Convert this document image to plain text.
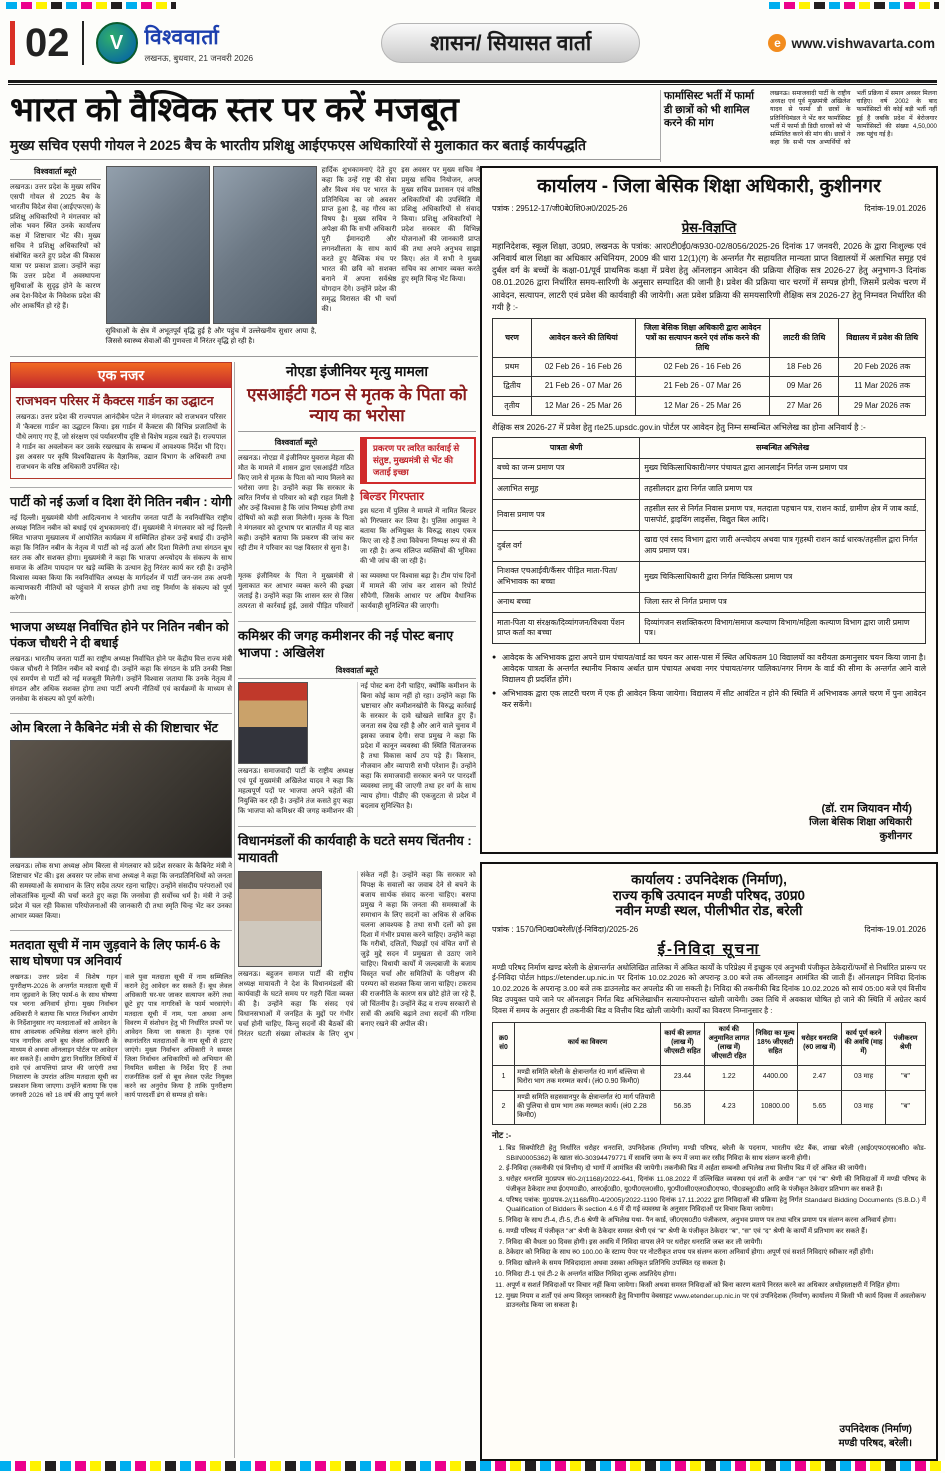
02	V विश्ववार्ता
लखनऊ, बुधवार, 21 जनवरी 2026
शासन/ सियासत वार्ता	e www.vishwavarta.com
भारत को वैश्विक स्तर पर करें मजबूत
मुख्य सचिव एसपी गोयल ने 2025 बैच के भारतीय प्रशिक्षु आईएफएस अधिकारियों से मुलाकात कर बताई कार्यपद्धति
विश्ववार्ता ब्यूरो

लखनऊ। उत्तर प्रदेश के मुख्य सचिव एसपी गोयल से 2025 बैच के भारतीय विदेश सेवा (आईएफएस) के प्रशिक्षु अधिकारियों ने मंगलवार को लोक भवन स्थित उनके कार्यालय कक्ष में शिष्टाचार भेंट की। मुख्य सचिव ने प्रशिक्षु अधिकारियों को संबोधित करते हुए प्रदेश की विकास यात्रा पर प्रकाश डाला। उन्होंने कहा कि उत्तर प्रदेश में अवस्थापना सुविधाओं के सुदृढ़ होने के कारण अब देश-विदेश के निवेशक प्रदेश की ओर आकर्षित हो रहे हैं।

सुविधाओं के क्षेत्र में अभूतपूर्व वृद्धि हुई है और पहुंच में उल्लेखनीय सुधार आया है, जिससे स्वास्थ्य सेवाओं की गुणवत्ता में निरंतर वृद्धि हो रही है।

हार्दिक शुभकामनाएं देते हुए कहा कि उन्हें राष्ट्र की सेवा और विश्व मंच पर भारत के प्रतिनिधित्व का जो अवसर प्राप्त हुआ है, वह गौरव का विषय है। मुख्य सचिव ने अपेक्षा की कि सभी अधिकारी पूरी ईमानदारी और लगनशीलता के साथ कार्य करते हुए वैश्विक मंच पर भारत की छवि को सशक्त बनाने में अपना सर्वश्रेष्ठ योगदान देंगे। उन्होंने प्रदेश की समृद्ध विरासत की भी चर्चा की।

इस अवसर पर मुख्य सचिव ने प्रमुख सचिव नियोजन, अपर मुख्य सचिव प्रशासन एवं वरिष्ठ अधिकारियों की उपस्थिति में प्रशिक्षु अधिकारियों से संवाद किया। प्रशिक्षु अधिकारियों ने प्रदेश सरकार की विभिन्न योजनाओं की जानकारी प्राप्त की तथा अपने अनुभव साझा किए। अंत में सभी ने मुख्य सचिव का आभार व्यक्त करते हुए स्मृति चिन्ह भेंट किया।

फार्मासिस्ट भर्ती में फार्मा डी छात्रों को भी शामिल करने की मांग

लखनऊ। समाजवादी पार्टी के राष्ट्रीय अध्यक्ष एवं पूर्व मुख्यमंत्री अखिलेश यादव से फार्मा डी छात्रों के प्रतिनिधिमंडल ने भेंट कर फार्मासिस्ट भर्ती में फार्मा डी डिग्री धारकों को भी सम्मिलित करने की मांग की। छात्रों ने कहा कि सभी पात्र अभ्यर्थियों को भर्ती प्रक्रिया में समान अवसर मिलना चाहिए। वर्ष 2002 के बाद फार्मासिस्टों की कोई बड़ी भर्ती नहीं हुई है जबकि प्रदेश में बेरोजगार फार्मासिस्टों की संख्या 4,50,000 तक पहुंच गई है।

एक नजर
राजभवन परिसर में कैक्टस गार्डन का उद्घाटन

लखनऊ। उत्तर प्रदेश की राज्यपाल आनंदीबेन पटेल ने मंगलवार को राजभवन परिसर में 'कैक्टस गार्डन' का उद्घाटन किया। इस गार्डन में कैक्टस की विभिन्न प्रजातियों के पौधे लगाए गए हैं, जो संरक्षण एवं पर्यावरणीय दृष्टि से विशेष महत्व रखते हैं। राज्यपाल ने गार्डन का अवलोकन कर उसके रखरखाव के सम्बन्ध में आवश्यक निर्देश भी दिए। इस अवसर पर कृषि विश्वविद्यालय के वैज्ञानिक, उद्यान विभाग के अधिकारी तथा राजभवन के वरिष्ठ अधिकारी उपस्थित रहे।

पार्टी को नई ऊर्जा व दिशा देंगे नितिन नबीन : योगी

नई दिल्ली। मुख्यमंत्री योगी आदित्यनाथ ने भारतीय जनता पार्टी के नवनिर्वाचित राष्ट्रीय अध्यक्ष नितिन नबीन को बधाई एवं शुभकामनाएं दीं। मुख्यमंत्री ने मंगलवार को नई दिल्ली स्थित भाजपा मुख्यालय में आयोजित कार्यक्रम में सम्मिलित होकर उन्हें बधाई दी। उन्होंने कहा कि नितिन नबीन के नेतृत्व में पार्टी को नई ऊर्जा और दिशा मिलेगी तथा संगठन बूथ स्तर तक और सशक्त होगा। मुख्यमंत्री ने कहा कि भाजपा अन्त्योदय के संकल्प के साथ समाज के अंतिम पायदान पर खड़े व्यक्ति के उत्थान हेतु निरंतर कार्य कर रही है। उन्होंने विश्वास व्यक्त किया कि नवनिर्वाचित अध्यक्ष के मार्गदर्शन में पार्टी जन-जन तक अपनी कल्याणकारी नीतियों को पहुंचाने में सफल होगी तथा राष्ट्र निर्माण के संकल्प को पूर्ण करेगी।

भाजपा अध्यक्ष निर्वाचित होने पर नितिन नबीन को पंकज चौधरी ने दी बधाई

लखनऊ। भारतीय जनता पार्टी का राष्ट्रीय अध्यक्ष निर्वाचित होने पर केंद्रीय वित्त राज्य मंत्री पंकज चौधरी ने नितिन नबीन को बधाई दी। उन्होंने कहा कि संगठन के प्रति उनकी निष्ठा एवं समर्पण से पार्टी को नई मजबूती मिलेगी। उन्होंने विश्वास जताया कि उनके नेतृत्व में संगठन और अधिक सशक्त होगा तथा पार्टी अपनी नीतियों एवं कार्यक्रमों के माध्यम से जनसेवा के संकल्प को पूर्ण करेगी।

ओम बिरला ने कैबिनेट मंत्री से की शिष्टाचार भेंट

लखनऊ। लोक सभा अध्यक्ष ओम बिरला से मंगलवार को प्रदेश सरकार के कैबिनेट मंत्री ने शिष्टाचार भेंट की। इस अवसर पर लोक सभा अध्यक्ष ने कहा कि जनप्रतिनिधियों को जनता की समस्याओं के समाधान के लिए सदैव तत्पर रहना चाहिए। उन्होंने संसदीय परंपराओं एवं लोकतांत्रिक मूल्यों की चर्चा करते हुए कहा कि जनसेवा ही सर्वोच्च धर्म है। मंत्री ने उन्हें प्रदेश में चल रही विकास परियोजनाओं की जानकारी दी तथा स्मृति चिन्ह भेंट कर उनका आभार व्यक्त किया।

मतदाता सूची में नाम जुड़वाने के लिए फार्म-6 के साथ घोषणा पत्र अनिवार्य

लखनऊ। उत्तर प्रदेश में विशेष गहन पुनरीक्षण-2026 के अन्तर्गत मतदाता सूची में नाम जुड़वाने के लिए फार्म-6 के साथ घोषणा पत्र भरना अनिवार्य होगा। मुख्य निर्वाचन अधिकारी ने बताया कि भारत निर्वाचन आयोग के निर्देशानुसार नए मतदाताओं को आवेदन के साथ आवश्यक अभिलेख संलग्न करने होंगे। पात्र नागरिक अपने बूथ लेवल अधिकारी के माध्यम से अथवा ऑनलाइन पोर्टल पर आवेदन कर सकते हैं। आयोग द्वारा निर्धारित तिथियों में दावे एवं आपत्तियां प्राप्त की जाएंगी तथा निस्तारण के उपरांत अंतिम मतदाता सूची का प्रकाशन किया जाएगा। उन्होंने बताया कि एक जनवरी 2026 को 18 वर्ष की आयु पूर्ण करने वाले युवा मतदाता सूची में नाम सम्मिलित कराने हेतु आवेदन कर सकते हैं। बूथ लेवल अधिकारी घर-घर जाकर सत्यापन करेंगे तथा छूटे हुए पात्र नागरिकों के फार्म भरवाएंगे। मतदाता सूची में नाम, पता अथवा अन्य विवरण में संशोधन हेतु भी निर्धारित प्रपत्रों पर आवेदन किया जा सकता है। मृतक एवं स्थानांतरित मतदाताओं के नाम सूची से हटाए जाएंगे। मुख्य निर्वाचन अधिकारी ने समस्त जिला निर्वाचन अधिकारियों को अभियान की नियमित समीक्षा के निर्देश दिए हैं तथा राजनीतिक दलों से बूथ लेवल एजेंट नियुक्त करने का अनुरोध किया है ताकि पुनरीक्षण कार्य पारदर्शी ढंग से सम्पन्न हो सके।

नोएडा इंजीनियर मृत्यु मामला
एसआईटी गठन से मृतक के पिता को न्याय का भरोसा
विश्ववार्ता ब्यूरो

लखनऊ। नोएडा में इंजीनियर युवराज मेहता की मौत के मामले में शासन द्वारा एसआईटी गठित किए जाने से मृतक के पिता को न्याय मिलने का भरोसा जगा है। उन्होंने कहा कि सरकार के त्वरित निर्णय से परिवार को बड़ी राहत मिली है और उन्हें विश्वास है कि जांच निष्पक्ष होगी तथा दोषियों को कड़ी सजा मिलेगी। मृतक के पिता ने मंगलवार को दूरभाष पर बातचीत में यह बात कही। उन्होंने बताया कि प्रकरण की जांच कर रही टीम ने परिवार का पक्ष विस्तार से सुना है।

प्रकरण पर त्वरित कार्रवाई से संतुष्ट, मुख्यमंत्री से भेंट की जताई इच्छा

बिल्डर गिरफ्तार

इस घटना में पुलिस ने मामले में नामित बिल्डर को गिरफ्तार कर लिया है। पुलिस आयुक्त ने बताया कि अभियुक्त के विरुद्ध साक्ष्य एकत्र किए जा रहे हैं तथा विवेचना निष्पक्ष रूप से की जा रही है। अन्य संलिप्त व्यक्तियों की भूमिका की भी जांच की जा रही है।

मृतक इंजीनियर के पिता ने मुख्यमंत्री से मुलाकात कर आभार व्यक्त करने की इच्छा जताई है। उन्होंने कहा कि शासन स्तर से जिस तत्परता से कार्रवाई हुई, उससे पीड़ित परिवारों का व्यवस्था पर विश्वास बढ़ा है। टीम पांच दिनों में मामले की जांच कर शासन को रिपोर्ट सौंपेगी, जिसके आधार पर अग्रिम वैधानिक कार्यवाही सुनिश्चित की जाएगी।

कमिश्नर की जगह कमीशनर की नई पोस्ट बनाए भाजपा : अखिलेश
विश्ववार्ता ब्यूरो

लखनऊ। समाजवादी पार्टी के राष्ट्रीय अध्यक्ष एवं पूर्व मुख्यमंत्री अखिलेश यादव ने कहा कि महत्वपूर्ण पदों पर भाजपा अपने चहेतों की नियुक्ति कर रही है। उन्होंने तंज कसते हुए कहा कि भाजपा को कमिश्नर की जगह कमीशनर की नई पोस्ट बना देनी चाहिए, क्योंकि कमीशन के बिना कोई काम नहीं हो रहा। उन्होंने कहा कि भ्रष्टाचार और कमीशनखोरी के विरुद्ध कार्रवाई के सरकार के दावे खोखले साबित हुए हैं। जनता सब देख रही है और आने वाले चुनाव में इसका जवाब देगी। सपा प्रमुख ने कहा कि प्रदेश में कानून व्यवस्था की स्थिति चिंताजनक है तथा विकास कार्य ठप पड़े हैं। किसान, नौजवान और व्यापारी सभी परेशान हैं। उन्होंने कहा कि समाजवादी सरकार बनने पर पारदर्शी व्यवस्था लागू की जाएगी तथा हर वर्ग के साथ न्याय होगा। पीडीए की एकजुटता से प्रदेश में बदलाव सुनिश्चित है।

विधानमंडलों की कार्यवाही के घटते समय चिंतनीय : मायावती

लखनऊ। बहुजन समाज पार्टी की राष्ट्रीय अध्यक्ष मायावती ने देश के विधानमंडलों की कार्यवाही के घटते समय पर गहरी चिंता व्यक्त की है। उन्होंने कहा कि संसद एवं विधानसभाओं में जनहित के मुद्दों पर गंभीर चर्चा होनी चाहिए, किन्तु सदनों की बैठकों की निरंतर घटती संख्या लोकतंत्र के लिए शुभ संकेत नहीं है। उन्होंने कहा कि सरकार को विपक्ष के सवालों का जवाब देने से बचने के बजाय सार्थक संवाद करना चाहिए। बसपा प्रमुख ने कहा कि जनता की समस्याओं के समाधान के लिए सदनों का अधिक से अधिक चलना आवश्यक है तथा सभी दलों को इस दिशा में गंभीर प्रयास करने चाहिए। उन्होंने कहा कि गरीबों, दलितों, पिछड़ों एवं वंचित वर्गों से जुड़े मुद्दे सदन में प्रमुखता से उठाए जाने चाहिए। विधायी कार्यों में जल्दबाजी के बजाय विस्तृत चर्चा और समितियों के परीक्षण की परम्परा को सशक्त किया जाना चाहिए। टकराव की राजनीति के कारण सत्र छोटे होते जा रहे हैं, जो चिंतनीय है। उन्होंने केंद्र व राज्य सरकारों से सत्रों की अवधि बढ़ाने तथा सदनों की गरिमा बनाए रखने की अपील की।

कार्यालय - जिला बेसिक शिक्षा अधिकारी, कुशीनगर
पत्रांक : 29512-17/जी0बे0शि0अ0/2025-26	दिनांक-19.01.2026
प्रेस-विज्ञप्ति

महानिदेशक, स्कूल शिक्षा, उ0प्र0, लखनऊ के पत्रांक: आर0टी0ई0/क930-02/8056/2025-26 दिनांक 17 जनवरी, 2026 के द्वारा निःशुल्क एवं अनिवार्य बाल शिक्षा का अधिकार अधिनियम, 2009 की धारा 12(1)(ग) के अन्तर्गत गैर सहायतित मान्यता प्राप्त विद्यालयों में अलाभित समूह एवं दुर्बल वर्ग के बच्चों के कक्षा-01/पूर्व प्राथमिक कक्षा में प्रवेश हेतु ऑनलाइन आवेदन की प्रक्रिया शैक्षिक सत्र 2026-27 हेतु अनुभाग-3 दिनांक 08.01.2026 द्वारा निर्धारित समय-सारिणी के अनुसार सम्पादित की जानी है। प्रवेश की प्रक्रिया चार चरणों में सम्पन्न होगी, जिसमें प्रत्येक चरण में आवेदन, सत्यापन, लाटरी एवं प्रवेश की कार्यवाही की जायेगी। अतः प्रवेश प्रक्रिया की समयसारिणी शैक्षिक सत्र 2026-27 हेतु निम्नवत निर्धारित की गयी है :-

चरण	आवेदन करने की तिथियां	जिला बेसिक शिक्षा अधिकारी द्वारा आवेदन पत्रों का सत्यापन करने एवं लॉक करने की तिथि	लाटरी की तिथि	विद्यालय में प्रवेश की तिथि
प्रथम	02 Feb 26 - 16 Feb 26	02 Feb 26 - 16 Feb 26	18 Feb 26	20 Feb 2026 तक
द्वितीय	21 Feb 26 - 07 Mar 26	21 Feb 26 - 07 Mar 26	09 Mar 26	11 Mar 2026 तक
तृतीय	12 Mar 26 - 25 Mar 26	12 Mar 26 - 25 Mar 26	27 Mar 26	29 Mar 2026 तक

शैक्षिक सत्र 2026-27 में प्रवेश हेतु rte25.upsdc.gov.in पोर्टल पर आवेदन हेतु निम्न सम्बन्धित अभिलेख का होना अनिवार्य है :-

पात्रता श्रेणी	सम्बन्धित अभिलेख
बच्चे का जन्म प्रमाण पत्र	मुख्य चिकित्साधिकारी/नगर पंचायत द्वारा आनलाईन निर्गत जन्म प्रमाण पत्र
अलाभित समूह	तहसीलदार द्वारा निर्गत जाति प्रमाण पत्र
निवास प्रमाण पत्र	तहसील स्तर से निर्गत निवास प्रमाण पत्र, मतदाता पहचान पत्र, राशन कार्ड, ग्रामीण क्षेत्र में जाब कार्ड, पासपोर्ट, ड्राइविंग लाइसेंस, विद्युत बिल आदि।
दुर्बल वर्ग	खाद्य एवं रसद विभाग द्वारा जारी अन्त्योदय अथवा पात्र गृहस्थी राशन कार्ड धारक/तहसील द्वारा निर्गत आय प्रमाण पत्र।
निःशक्त एचआईवी/कैंसर पीड़ित माता-पिता/अभिभावक का बच्चा	मुख्य चिकित्साधिकारी द्वारा निर्गत चिकित्सा प्रमाण पत्र
अनाथ बच्चा	जिला स्तर से निर्गत प्रमाण पत्र
माता-पिता या संरक्षक/दिव्यांगजन/विधवा पेंशन प्राप्त कर्ता का बच्चा	दिव्यांगजन सशक्तिकरण विभाग/समाज कल्याण विभाग/महिला कल्याण विभाग द्वारा जारी प्रमाण पत्र।

● आवेदक के अभिभावक द्वारा अपने ग्राम पंचायत/वार्ड का चयन कर आस-पास में स्थित अधिकतम 10 विद्यालयों का वरीयता क्रमानुसार चयन किया जाना है। आवेदक पात्रता के अन्तर्गत स्थानीय निकाय अर्थात ग्राम पंचायत अथवा नगर पंचायत/नगर पालिका/नगर निगम के वार्ड की सीमा के अन्तर्गत आने वाले विद्यालय ही प्रदर्शित होंगे।

● अभिभावक द्वारा एक लाटरी चरण में एक ही आवेदन किया जायेगा। विद्यालय में सीट आवंटित न होने की स्थिति में अभिभावक अगले चरण में पुनः आवेदन कर सकेंगे।

(डॉ. राम जियावन मौर्य)
जिला बेसिक शिक्षा अधिकारी
कुशीनगर
कार्यालय : उपनिदेशक (निर्माण),
राज्य कृषि उत्पादन मण्डी परिषद, उ0प्र0
नवीन मण्डी स्थल, पीलीभीत रोड, बरेली
पत्रांक : 1570/नि0ख0बरेली/(ई-निविदा)/2025-26	दिनांक-19.01.2026
ई-निविदा सूचना

मण्डी परिषद निर्माण खण्ड बरेली के क्षेत्रान्तर्गत अधोलिखित तालिका में अंकित कार्यों के परिप्रेक्ष्य में इच्छुक एवं अनुभवी पंजीकृत ठेकेदारों/फर्मों से निर्धारित प्रारूप पर ई-निविदा पोर्टल https://etender.up.nic.in पर दिनांक 10.02.2026 को अपरान्ह 3.00 बजे तक ऑनलाइन आमंत्रित की जाती हैं। ऑनलाइन निविदा दिनांक 10.02.2026 के अपरान्ह 3.00 बजे तक डाउनलोड कर अपलोड की जा सकती है। निविदा की तकनीकी बिड दिनांक 10.02.2026 को सायं 05:00 बजे एवं वित्तीय बिड उपयुक्त पाये जाने पर ऑनलाइन निर्गत बिड अभिलेखाधीन सत्यापनोपरान्त खोली जायेगी। उक्त तिथि में अवकाश घोषित हो जाने की स्थिति में अग्रेतर कार्य दिवस में समय के अनुसार ही तकनीकी बिड व वित्तीय बिड खोली जायेगी। कार्यों का विवरण निम्नानुसार है :

क्र0 सं0	कार्य का विवरण	कार्य की लागत (लाख में) जीएसटी सहित	कार्य की अनुमानित लागत (लाख में) जीएसटी रहित	निविदा का मूल्य 18% जीएसटी सहित	धरोहर धनराशि (रु0 लाख में)	कार्य पूर्ण करने की अवधि (माह में)	पंजीकरण श्रेणी
1	मण्डी समिति बरेली के क्षेत्रान्तर्गत रं0 मार्ग बल्लिया से घिरोरा भाग तक मरम्मत कार्य। (लं0 0.90 किमी0)	23.44	1.22	4400.00	2.47	03 माह	"ब"
2	मण्डी समिति सहसवानपुर के क्षेत्रान्तर्गत रं0 मार्ग पतियारी की पुलिया से ग्राम भाग तक मरम्मत कार्य। (लं0 2.28 किमी0)	56.35	4.23	10800.00	5.65	03 माह	"ब"
नोट :-
1. बिड सिक्योरिटी हेतु निर्धारित धरोहर धनराशि, उपनिदेशक (निर्माण) मण्डी परिषद, बरेली के पदनाम, भारतीय स्टेट बैंक, शाखा बरेली (आई0एफ0एस0सी0 कोड-SBIN0005362) के खाता सं0-30394479771 में सावधि जमा के रूप में जमा कर रसीद निविदा के साथ संलग्न करनी होगी।
2. ई-निविदा (तकनीकी एवं वित्तीय) दो भागों में आमंत्रित की जायेगी। तकनीकी बिड में अर्हता सम्बन्धी अभिलेख तथा वित्तीय बिड में दरें अंकित की जायेंगी।
3. धरोहर धनराशि मु0प्रपत्र सं0-2/(1168)/2022-641, दिनांक 11.08.2022 में उल्लिखित व्यवस्था एवं शर्तों के अधीन "अ" एवं "ब" श्रेणी की निविदाओं में मण्डी परिषद के पंजीकृत ठेकेदार तथा ई0एम0डी0, आर0ई0डी0, यू0पी0एल0सी0, यू0पी0सी0एल0डी0एफ0, पी0डब्लू0डी0 आदि के पंजीकृत ठेकेदार प्रतिभाग कर सकते हैं।
4. परिषद पत्रांक: मु0प्रपत्र-2/(1168/मि0-4/2005)/2022-1190 दिनांक 17.11.2022 द्वारा निविदाओं की प्रक्रिया हेतु निर्गत Standard Bidding Documents (S.B.D.) में Qualification of Bidders के section 4.6 में दी गई व्यवस्था के अनुसार निविदाओं पर विचार किया जायेगा।
5. निविदा के साथ टी-4, टी-5, टी-6 श्रेणी के अभिलेख यथा- पैन कार्ड, जी0एस0टी0 पंजीकरण, अनुभव प्रमाण पत्र तथा चरित्र प्रमाण पत्र संलग्न करना अनिवार्य होगा।
6. मण्डी परिषद में पंजीकृत "अ" श्रेणी के ठेकेदार समस्त श्रेणी एवं "ब" श्रेणी के पंजीकृत ठेकेदार "ब", "स" एवं "द" श्रेणी के कार्यों में प्रतिभाग कर सकते हैं।
7. निविदा की वैधता 90 दिवस होगी। इस अवधि में निविदा वापस लेने पर धरोहर धनराशि जब्त कर ली जायेगी।
8. ठेकेदार को निविदा के साथ रु0 100.00 के स्टाम्प पेपर पर नोटरीकृत शपथ पत्र संलग्न करना अनिवार्य होगा। अपूर्ण एवं सशर्त निविदाएं स्वीकार नहीं होंगी।
9. निविदा खोलने के समय निविदादाता अथवा उसका अधिकृत प्रतिनिधि उपस्थित रह सकता है।
10. निविदा टी-1 एवं टी-2 के अन्तर्गत वांछित निविदा शुल्क अप्रतिदेय होगा।
11. अपूर्ण व सशर्त निविदाओं पर विचार नहीं किया जायेगा। किसी अथवा समस्त निविदाओं को बिना कारण बताये निरस्त करने का अधिकार अधोहस्ताक्षरी में निहित होगा।
12. मुख्य नियम व शर्तों एवं अन्य विस्तृत जानकारी हेतु विभागीय वेबसाइट www.etender.up.nic.in पर एवं उपनिदेशक (निर्माण) कार्यालय में किसी भी कार्य दिवस में अवलोकन/डाउनलोड किया जा सकता है।
उपनिदेशक (निर्माण)
मण्डी परिषद, बरेली।
